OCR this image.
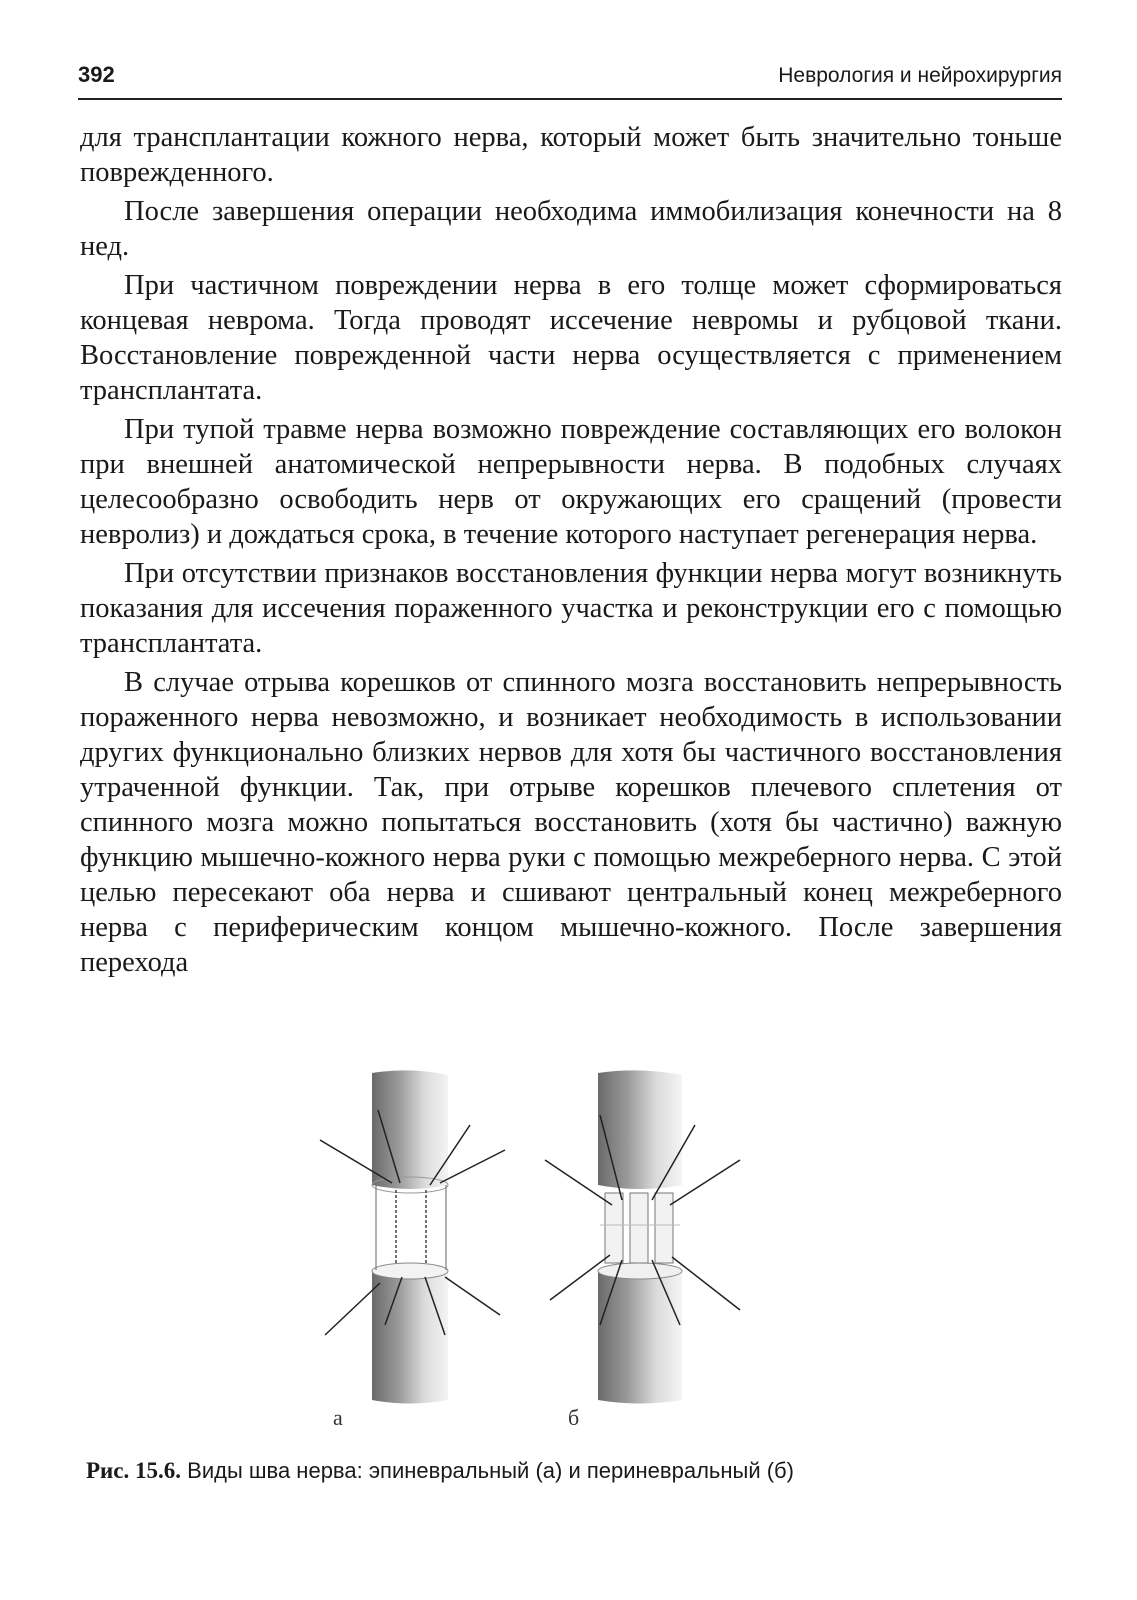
392	Неврология и нейрохирургия

для трансплантации кожного нерва, который может быть значительно тоньше поврежденного.

После завершения операции необходима иммобилизация конечности на 8 нед.

При частичном повреждении нерва в его толще может сформироваться концевая неврома. Тогда проводят иссечение невромы и рубцовой ткани. Восстановление поврежденной части нерва осуществляется с применением трансплантата.

При тупой травме нерва возможно повреждение составляющих его волокон при внешней анатомической непрерывности нерва. В подобных случаях целесообразно освободить нерв от окружающих его сращений (провести невролиз) и дождаться срока, в течение которого наступает регенерация нерва.

При отсутствии признаков восстановления функции нерва могут возникнуть показания для иссечения пораженного участка и реконструкции его с помощью трансплантата.

В случае отрыва корешков от спинного мозга восстановить непрерывность пораженного нерва невозможно, и возникает необходимость в использовании других функционально близких нервов для хотя бы частичного восстановления утраченной функции. Так, при отрыве корешков плечевого сплетения от спинного мозга можно попытаться восстановить (хотя бы частично) важную функцию мышечно-кожного нерва руки с помощью межреберного нерва. С этой целью пересекают оба нерва и сшивают центральный конец межреберного нерва с периферическим концом мышечно-кожного. После завершения перехода

а	б
Рис. 15.6. Виды шва нерва: эпиневральный (а) и периневральный (б)
